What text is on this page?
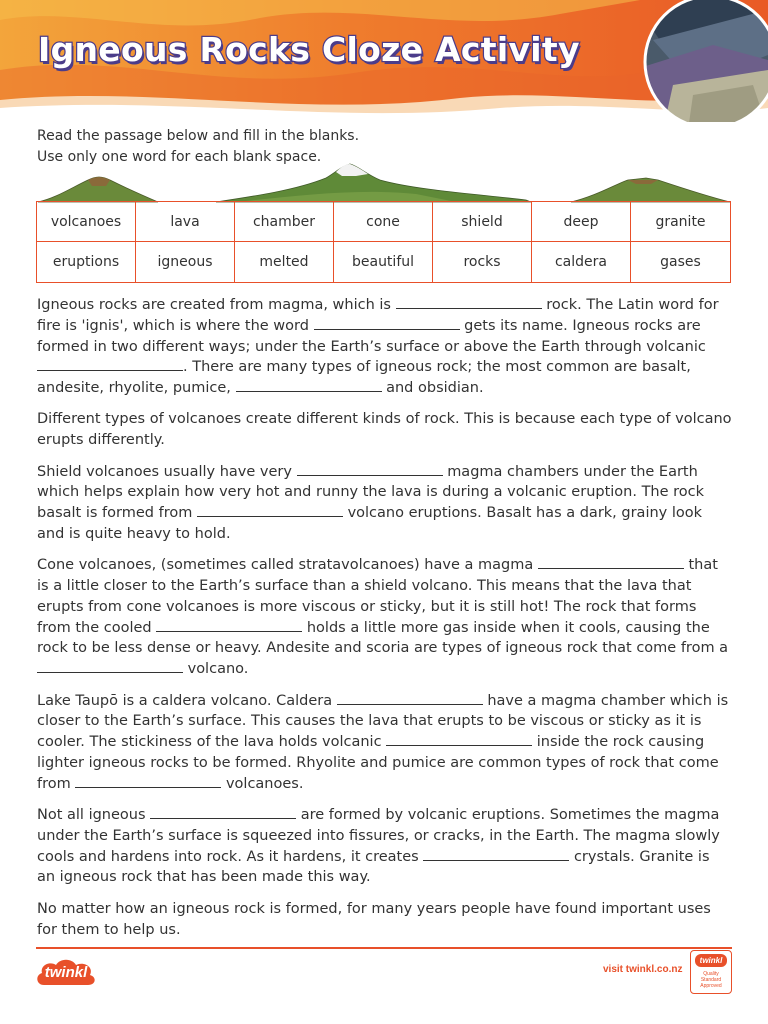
Igneous Rocks Cloze Activity
Read the passage below and fill in the blanks.
Use only one word for each blank space.
volcanoes	lava	chamber	cone	shield	deep	granite
eruptions	igneous	melted	beautiful	rocks	caldera	gases

Igneous rocks are created from magma, which is	rock. The Latin word for fire is 'ignis', which is where the word	gets its name. Igneous rocks are formed in two different ways; under the Earth’s surface or above the Earth through volcanic . There are many types of igneous rock; the most common are basalt, andesite, rhyolite, pumice,	and obsidian.

Different types of volcanoes create different kinds of rock. This is because each type of volcano erupts differently.

Shield volcanoes usually have very	magma chambers under the Earth which helps explain how very hot and runny the lava is during a volcanic eruption. The rock basalt is formed from	volcano eruptions. Basalt has a dark, grainy look and is quite heavy to hold.

Cone volcanoes, (sometimes called stratavolcanoes) have a magma	that is a little closer to the Earth’s surface than a shield volcano. This means that the lava that erupts from cone volcanoes is more viscous or sticky, but it is still hot! The rock that forms from the cooled	holds a little more gas inside when it cools, causing the rock to be less dense or heavy. Andesite and scoria are types of igneous rock that come from a  volcano.

Lake Taupō is a caldera volcano. Caldera	have a magma chamber which is closer to the Earth’s surface. This causes the lava that erupts to be viscous or sticky as it is cooler. The stickiness of the lava holds volcanic	inside the rock causing lighter igneous rocks to be formed. Rhyolite and pumice are common types of rock that come from	volcanoes.

Not all igneous	are formed by volcanic eruptions. Sometimes the magma under the Earth’s surface is squeezed into fissures, or cracks, in the Earth. The magma slowly cools and hardens into rock. As it hardens, it creates	crystals. Granite is an igneous rock that has been made this way.

No matter how an igneous rock is formed, for many years people have found important uses for them to help us.

twinkl	visit twinkl.co.nz
twinkl
Quality Standard Approved
